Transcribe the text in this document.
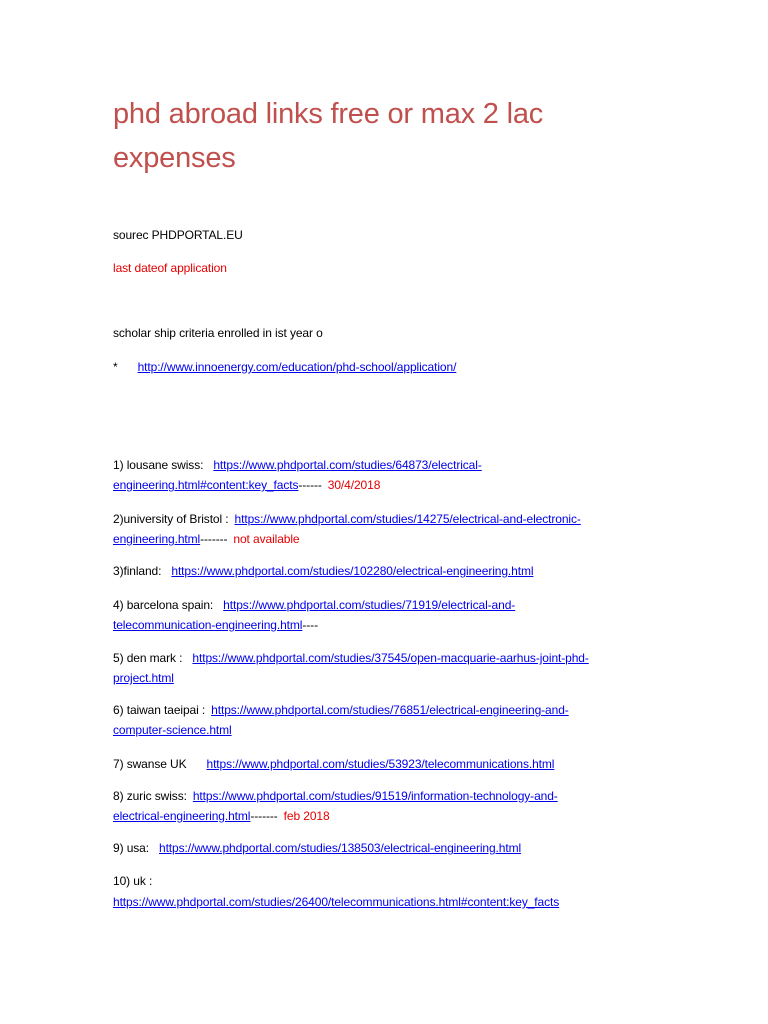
phd abroad links free or max 2 lac expenses
sourec PHDPORTAL.EU
last dateof application
scholar ship criteria enrolled in ist year o
* http://www.innoenergy.com/education/phd-school/application/
1) lousane swiss: https://www.phdportal.com/studies/64873/electrical-
engineering.html#content:key_facts------ 30/4/2018
2)university of Bristol : https://www.phdportal.com/studies/14275/electrical-and-electronic-
engineering.html------- not available
3)finland: https://www.phdportal.com/studies/102280/electrical-engineering.html
4) barcelona spain: https://www.phdportal.com/studies/71919/electrical-and-
telecommunication-engineering.html----
5) den mark : https://www.phdportal.com/studies/37545/open-macquarie-aarhus-joint-phd-
project.html
6) taiwan taeipai : https://www.phdportal.com/studies/76851/electrical-engineering-and-
computer-science.html
7) swanse UK https://www.phdportal.com/studies/53923/telecommunications.html
8) zuric swiss: https://www.phdportal.com/studies/91519/information-technology-and-
electrical-engineering.html------- feb 2018
9) usa: https://www.phdportal.com/studies/138503/electrical-engineering.html
10) uk :
https://www.phdportal.com/studies/26400/telecommunications.html#content:key_facts
